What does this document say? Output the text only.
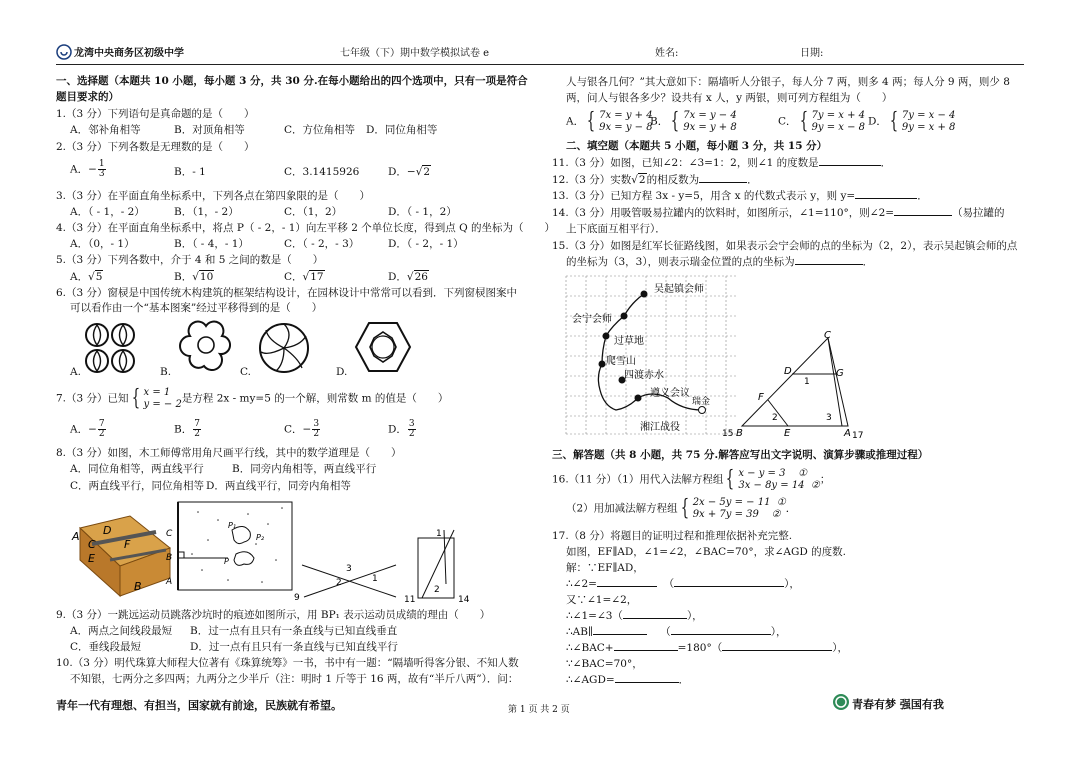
龙湾中央商务区初级中学	七年级（下）期中数学模拟试卷 e	姓名:	日期:
一、选择题（本题共 10 小题，每小题 3 分，共 30 分.在每小题给出的四个选项中，只有一项是符合
题目要求的）
1.（3 分）下列语句是真命题的是（　　）
A．邻补角相等	B．对顶角相等	C．方位角相等 D．同位角相等
2.（3 分）下列各数是无理数的是（　　）
A．− $\frac{1}{3}$	B．- 1	C．3.1415926	D．−√2
3.（3 分）在平面直角坐标系中，下列各点在第四象限的是（　　）
A．（ - 1，- 2）	B．（1，- 2）	C．（1，2）	D．（ - 1，2）
4.（3 分）在平面直角坐标系中，将点 P（ - 2，- 1）向左平移 2 个单位长度，得到点 Q 的坐标为（　　）
A．（0，- 1）	B．（ - 4，- 1）	C．（ - 2，- 3）	D．（ - 2，- 1）
5.（3 分）下列各数中，介于 4 和 5 之间的数是（　　）
A．√5	B．√10	C．√17	D．√26
6.（3 分）窗棂是中国传统木构建筑的框架结构设计，在园林设计中常常可以看到．下列窗棂图案中
可以看作由一个“基本图案”经过平移得到的是（　　）
A.	B.	C.	D.
7.（3 分）已知 { x = 1
y = − 2 是方程 2x - my=5 的一个解，则常数 m 的值是（　　）
A．− $\frac{7}{2}$	B． $\frac{7}{2}$	C．− $\frac{3}{2}$	D． $\frac{3}{2}$
8.（3 分）如图，木工师傅常用角尺画平行线，其中的数学道理是（　　）
A．同位角相等，两直线平行	B．同旁内角相等，两直线平行
C．两直线平行，同位角相等 D．两直线平行，同旁内角相等
A D
C
E
F
B
C
B
A
P₁
P₂
P
9
3
2	1
1
2
11	14
9.（3 分）一跳远运动员跳落沙坑时的痕迹如图所示，用 BP₁ 表示运动员成绩的理由（　　）
A．两点之间线段最短 B．过一点有且只有一条直线与已知直线垂直
C．垂线段最短	D．过一点有且只有一条直线与已知直线平行
10.（3 分）明代珠算大师程大位著有《珠算统筹》一书，书中有一题：“隔墙听得客分银、不知人数
不知银，七两分之多四两；九两分之少半斤（注：明时 1 斤等于 16 两，故有“半斤八两”）．问：
人与银各几何？”其大意如下：隔墙听人分银子，每人分 7 两，则多 4 两；每人分 9 两，则少 8
两，问人与银各多少？设共有 x 人，y 两银，则可列方程组为（　　）
A． { 7x = y + 4
9x = y − 8
B． { 7x = y − 4
9x = y + 8	C． { 7y = x + 4
9y = x − 8 D． { 7y = x − 4
9y = x + 8
二、填空题（本题共 5 小题，每小题 3 分，共 15 分）
11.（3 分）如图，已知∠2：∠3=1：2，则∠1 的度数是	．
12.（3 分）实数√2的相反数为	．
13.（3 分）已知方程 3x - y=5，用含 x 的代数式表示 y，则 y=	．
14.（3 分）用吸管吸易拉罐内的饮料时，如图所示，∠1=110°，则∠2=	（易拉罐的
上下底面互相平行）．
15.（3 分）如图是红军长征路线图，如果表示会宁会师的点的坐标为（2，2），表示吴起镇会师的点
的坐标为（3，3），则表示瑞金位置的点的坐标为	．
吴起镇会师
会宁会师
过草地
爬雪山
四渡赤水
遵义会议
瑞金
湘江战役
15
C
D	G
F
B	E	A
1
2	3
17
三、解答题（共 8 小题，共 75 分.解答应写出文字说明、演算步骤或推理过程）
16.（11 分）（1）用代入法解方程组 { x − y = 3 ①
3x − 8y = 14 ② ；
（2）用加减法解方程组 { 2x − 5y = − 11 ①
9x + 7y = 39 ② ．
17.（8 分）将题目的证明过程和推理依据补充完整.
如图，EF∥AD，∠1=∠2，∠BAC=70°，求∠AGD 的度数.
解：∵EF∥AD，
∴∠2=	（	），
又∵∠1=∠2，
∴∠1=∠3（	），
∴AB∥	（	），
∴∠BAC+	=180°（	），
∵∠BAC=70°，
∴∠AGD=	．
青年一代有理想、有担当，国家就有前途，民族就有希望。	第 1 页 共 2 页	青春有梦 强国有我
